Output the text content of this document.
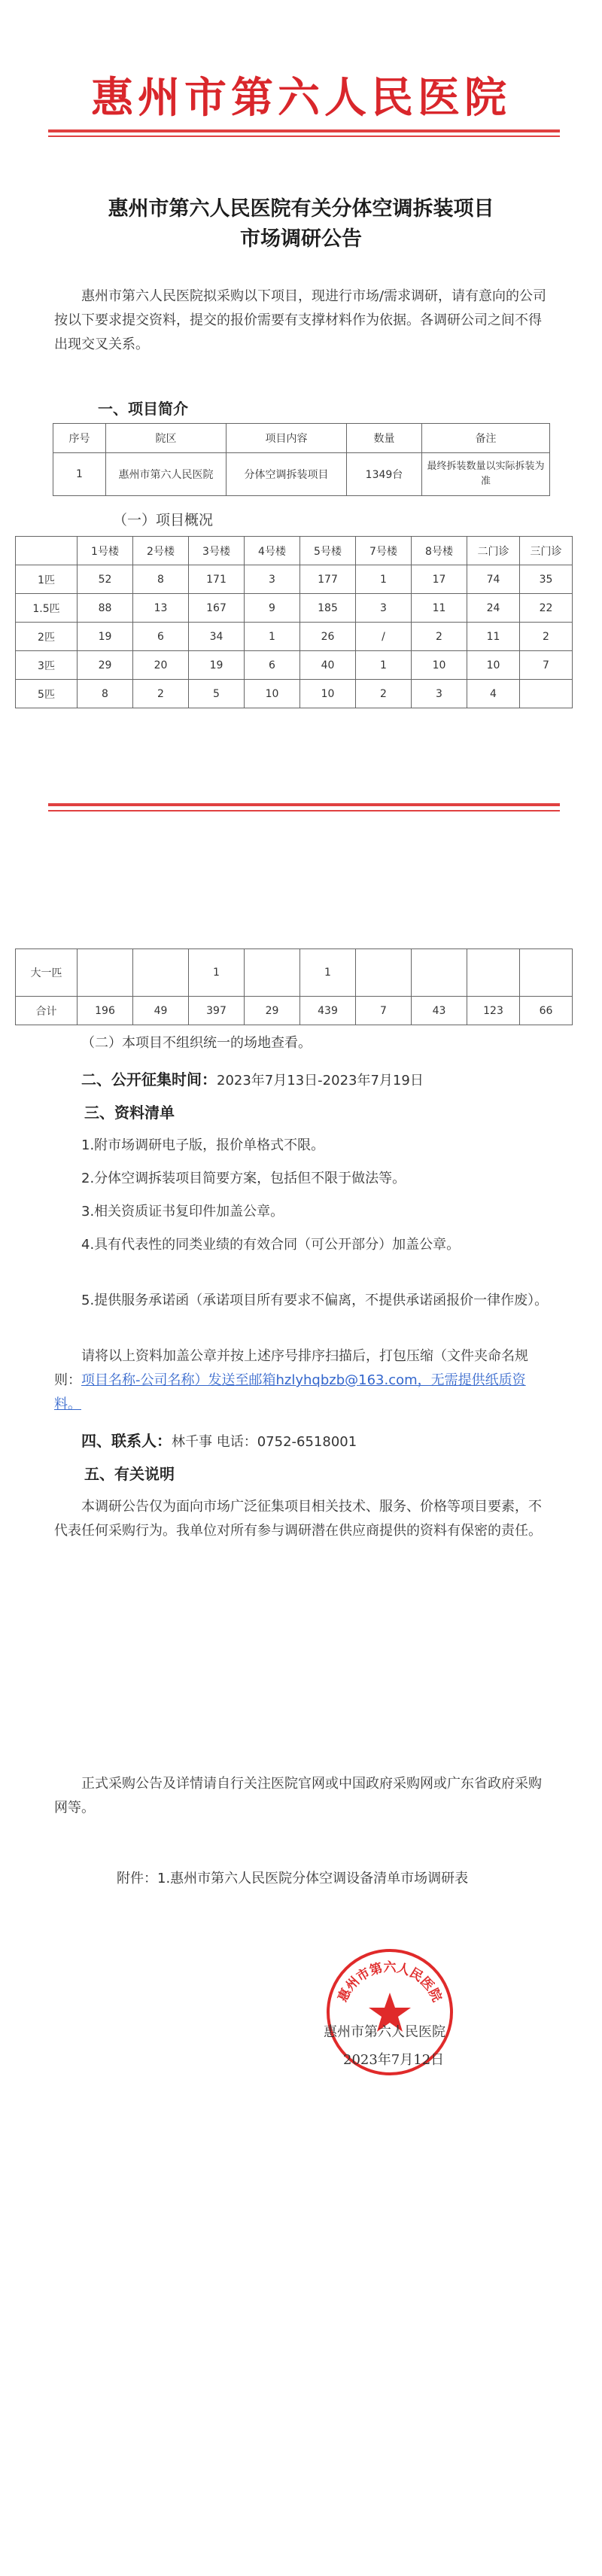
惠州市第六人民医院
惠州市第六人民医院有关分体空调拆装项目
市场调研公告
惠州市第六人民医院拟采购以下项目，现进行市场/需求调研，请有意向的公司按以下要求提交资料，提交的报价需要有支撑材料作为依据。各调研公司之间不得出现交叉关系。
一、项目简介
序号	院区	项目内容	数量	备注
1	惠州市第六人民医院	分体空调拆装项目	1349台	最终拆装数量以实际拆装为准
（一）项目概况
	1号楼	2号楼	3号楼	4号楼	5号楼	7号楼	8号楼	二门诊	三门诊
1匹	52	8	171	3	177	1	17	74	35
1.5匹	88	13	167	9	185	3	11	24	22
2匹	19	6	34	1	26	/	2	11	2
3匹	29	20	19	6	40	1	10	10	7
5匹	8	2	5	10	10	2	3	4	
大一匹			1		1				
合计	196	49	397	29	439	7	43	123	66
（二）本项目不组织统一的场地查看。
二、公开征集时间：2023年7月13日-2023年7月19日
三、资料清单
1.附市场调研电子版，报价单格式不限。
2.分体空调拆装项目简要方案，包括但不限于做法等。
3.相关资质证书复印件加盖公章。
4.具有代表性的同类业绩的有效合同（可公开部分）加盖公章。
5.提供服务承诺函（承诺项目所有要求不偏离，不提供承诺函报价一律作废）。
请将以上资料加盖公章并按上述序号排序扫描后，打包压缩（文件夹命名规则：项目名称-公司名称）发送至邮箱hzlyhqbzb@163.com，无需提供纸质资料。
四、联系人：林千事 电话：0752-6518001
五、有关说明
本调研公告仅为面向市场广泛征集项目相关技术、服务、价格等项目要素，不代表任何采购行为。我单位对所有参与调研潜在供应商提供的资料有保密的责任。
正式采购公告及详情请自行关注医院官网或中国政府采购网或广东省政府采购网等。
附件：1.惠州市第六人民医院分体空调设备清单市场调研表
惠州市第六人民医院
惠州市第六人民医院
2023年7月12日
